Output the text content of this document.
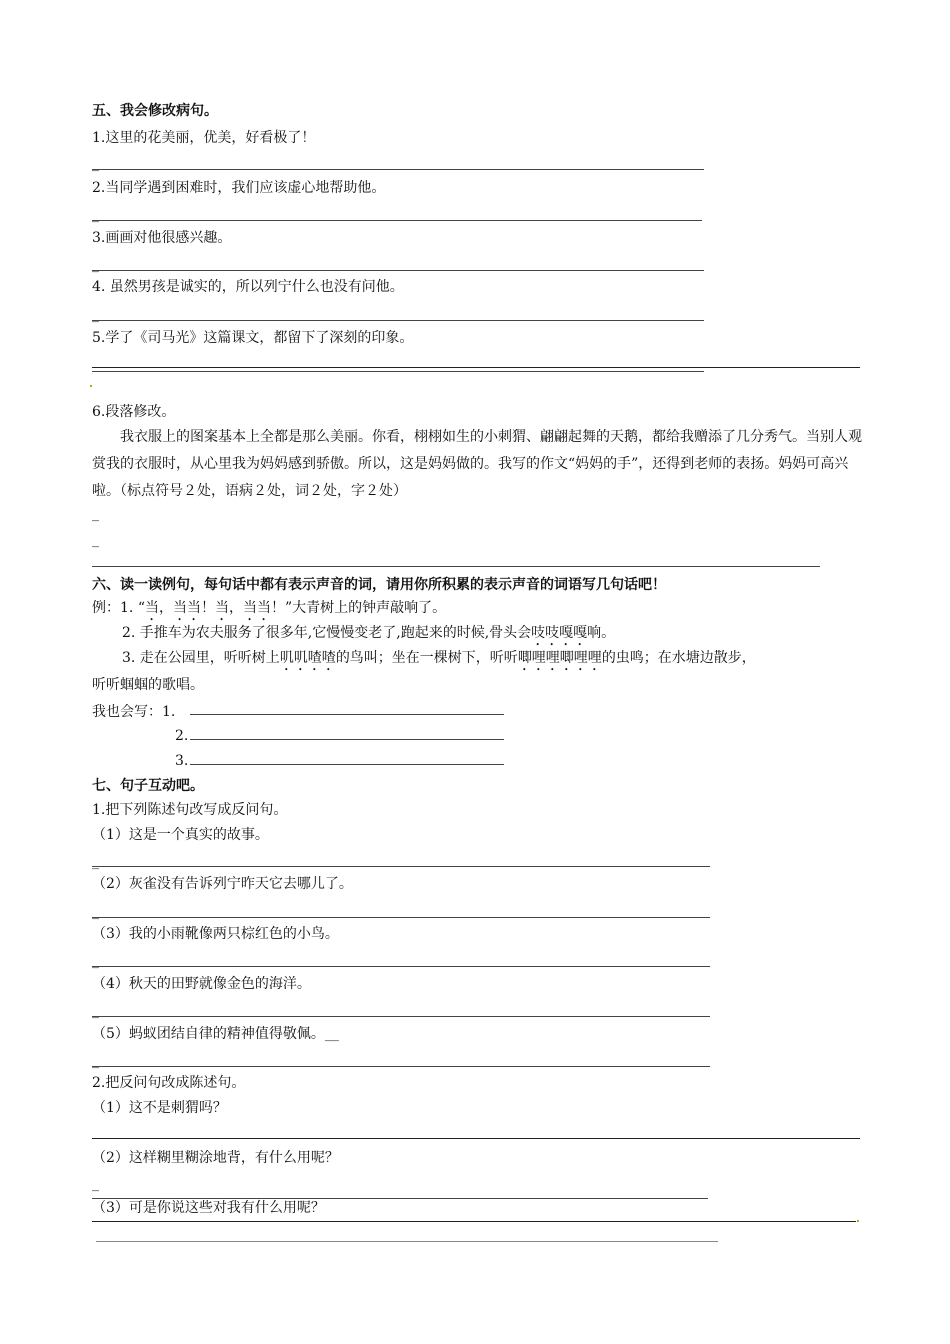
五、我会修改病句。
1.这里的花美丽，优美，好看极了！
_
2.当同学遇到困难时，我们应该虚心地帮助他。
_
3.画画对他很感兴趣。
_
4. 虽然男孩是诚实的，所以列宁什么也没有问他。
_
5.学了《司马光》这篇课文，都留下了深刻的印象。
6.段落修改。
我衣服上的图案基本上全都是那么美丽。你看，栩栩如生的小刺猬、翩翩起舞的天鹅，都给我赠添了几分秀气。当别人观赏我的衣服时，从心里我为妈妈感到骄傲。所以，这是妈妈做的。我写的作文“妈妈的手”，还得到老师的表扬。妈妈可高兴啦。（标点符号２处，语病２处，词２处，字２处）
_
_
六、读一读例句，每句话中都有表示声音的词，请用你所积累的表示声音的词语写几句话吧！
例：1. “当，当当！当，当当！”大青树上的钟声敲响了。
2. 手推车为农夫服务了很多年,它慢慢变老了,跑起来的时候,骨头会吱吱嘎嘎响。
3. 走在公园里，听听树上叽叽喳喳的鸟叫；坐在一棵树下，听听唧哩哩唧哩哩的虫鸣；在水塘边散步，
听听蝈蝈的歌唱。
我也会写：1.
2.
3.
七、句子互动吧。
1.把下列陈述句改写成反问句。
（1）这是一个真实的故事。
_
（2）灰雀没有告诉列宁昨天它去哪儿了。
_
（3）我的小雨靴像两只棕红色的小鸟。
_
（4）秋天的田野就像金色的海洋。
_
（5）蚂蚁团结自律的精神值得敬佩。__
_
2.把反问句改成陈述句。
（1）这不是刺猬吗？
（2）这样糊里糊涂地背，有什么用呢？
_
（3）可是你说这些对我有什么用呢？
